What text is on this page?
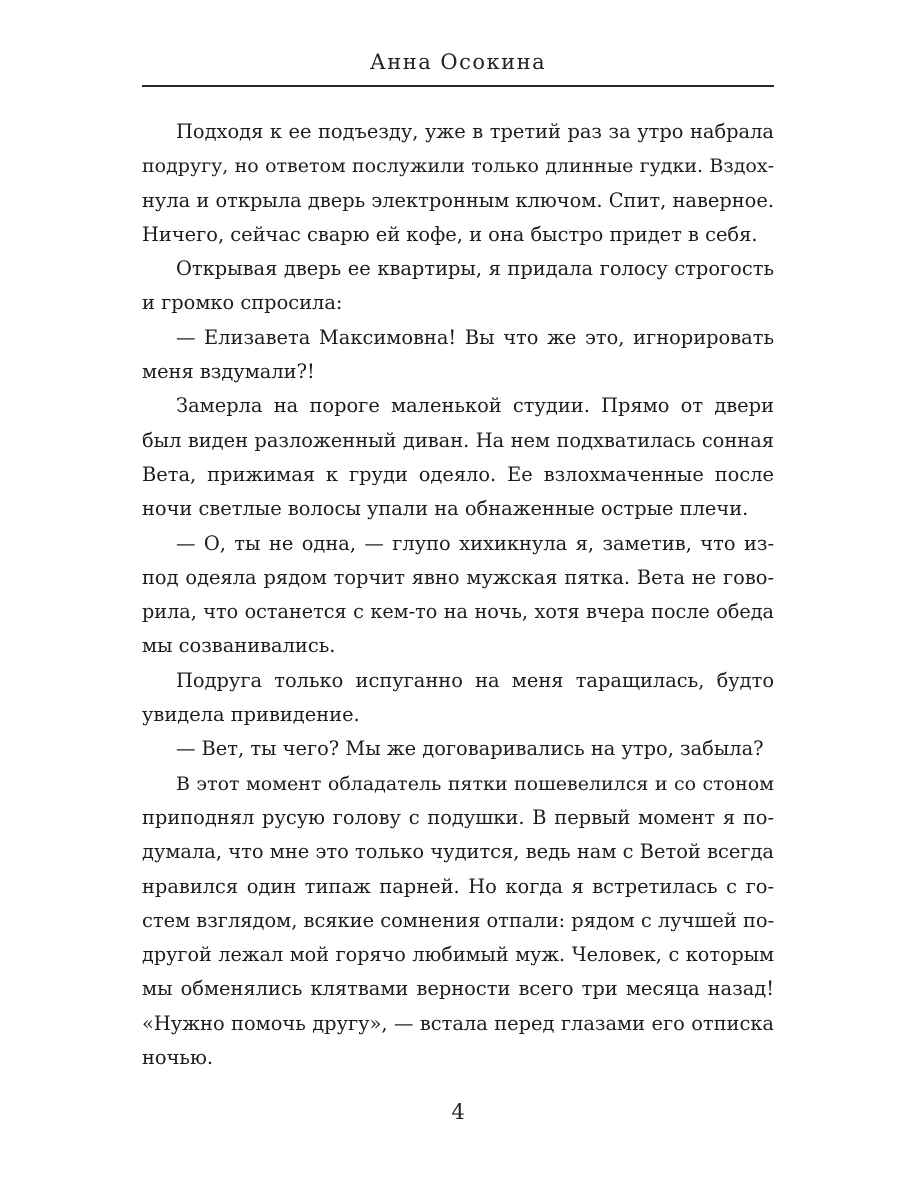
Анна Осокина
Подходя к ее подъезду, уже в третий раз за утро набрала
подругу, но ответом послужили только длинные гудки. Вздох-
нула и открыла дверь электронным ключом. Спит, наверное.
Ничего, сейчас сварю ей кофе, и она быстро придет в себя.
Открывая дверь ее квартиры, я придала голосу строгость
и громко спросила:
— Елизавета Максимовна! Вы что же это, игнорировать
меня вздумали?!
Замерла на пороге маленькой студии. Прямо от двери
был виден разложенный диван. На нем подхватилась сонная
Вета, прижимая к груди одеяло. Ее взлохмаченные после
ночи светлые волосы упали на обнаженные острые плечи.
— О, ты не одна, — глупо хихикнула я, заметив, что из-
под одеяла рядом торчит явно мужская пятка. Вета не гово-
рила, что останется с кем-то на ночь, хотя вчера после обеда
мы созванивались.
Подруга только испуганно на меня таращилась, будто
увидела привидение.
— Вет, ты чего? Мы же договаривались на утро, забыла?
В этот момент обладатель пятки пошевелился и со стоном
приподнял русую голову с подушки. В первый момент я по-
думала, что мне это только чудится, ведь нам с Ветой всегда
нравился один типаж парней. Но когда я встретилась с го-
стем взглядом, всякие сомнения отпали: рядом с лучшей по-
другой лежал мой горячо любимый муж. Человек, с которым
мы обменялись клятвами верности всего три месяца назад!
«Нужно помочь другу», — встала перед глазами его отписка
ночью.
4
